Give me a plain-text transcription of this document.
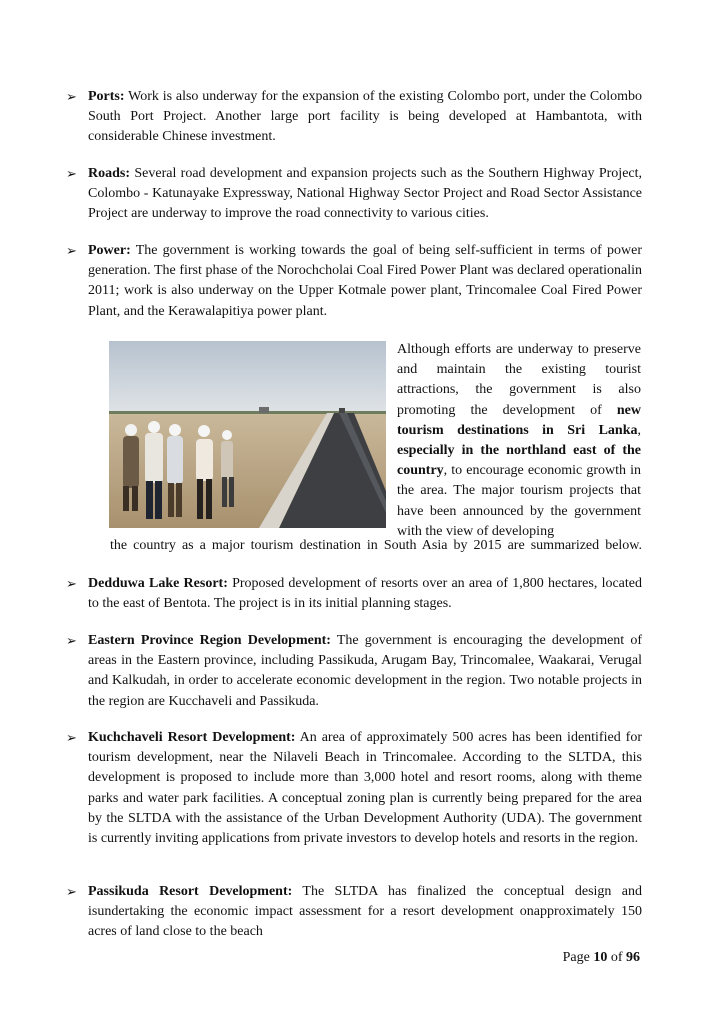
➢ Ports: Work is also underway for the expansion of the existing Colombo port, under the Colombo South Port Project. Another large port facility is being developed at Hambantota, with considerable Chinese investment.
➢ Roads: Several road development and expansion projects such as the Southern Highway Project, Colombo - Katunayake Expressway, National Highway Sector Project and Road Sector Assistance Project are underway to improve the road connectivity to various cities.
➢ Power: The government is working towards the goal of being self-sufficient in terms of power generation. The first phase of the Norochcholai Coal Fired Power Plant was declared operationalin 2011; work is also underway on the Upper Kotmale power plant, Trincomalee Coal Fired Power Plant, and the Kerawalapitiya power plant.
Although efforts are underway to preserve and maintain the existing tourist attractions, the government is also promoting the development of new tourism destinations in Sri Lanka, especially in the northland east of the country, to encourage economic growth in the area. The major tourism projects that have been announced by the government with the view of developing
the country as a major tourism destination in South Asia by 2015 are summarized below.
➢ Dedduwa Lake Resort: Proposed development of resorts over an area of 1,800 hectares, located to the east of Bentota. The project is in its initial planning stages.
➢ Eastern Province Region Development: The government is encouraging the development of areas in the Eastern province, including Passikuda, Arugam Bay, Trincomalee, Waakarai, Verugal and Kalkudah, in order to accelerate economic development in the region. Two notable projects in the region are Kucchaveli and Passikuda.
➢ Kuchchaveli Resort Development: An area of approximately 500 acres has been identified for tourism development, near the Nilaveli Beach in Trincomalee. According to the SLTDA, this development is proposed to include more than 3,000 hotel and resort rooms, along with theme parks and water park facilities. A conceptual zoning plan is currently being prepared for the area by the SLTDA with the assistance of the Urban Development Authority (UDA). The government is currently inviting applications from private investors to develop hotels and resorts in the region.
➢ Passikuda Resort Development: The SLTDA has finalized the conceptual design and isundertaking the economic impact assessment for a resort development onapproximately 150 acres of land close to the beach
Page 10 of 96
